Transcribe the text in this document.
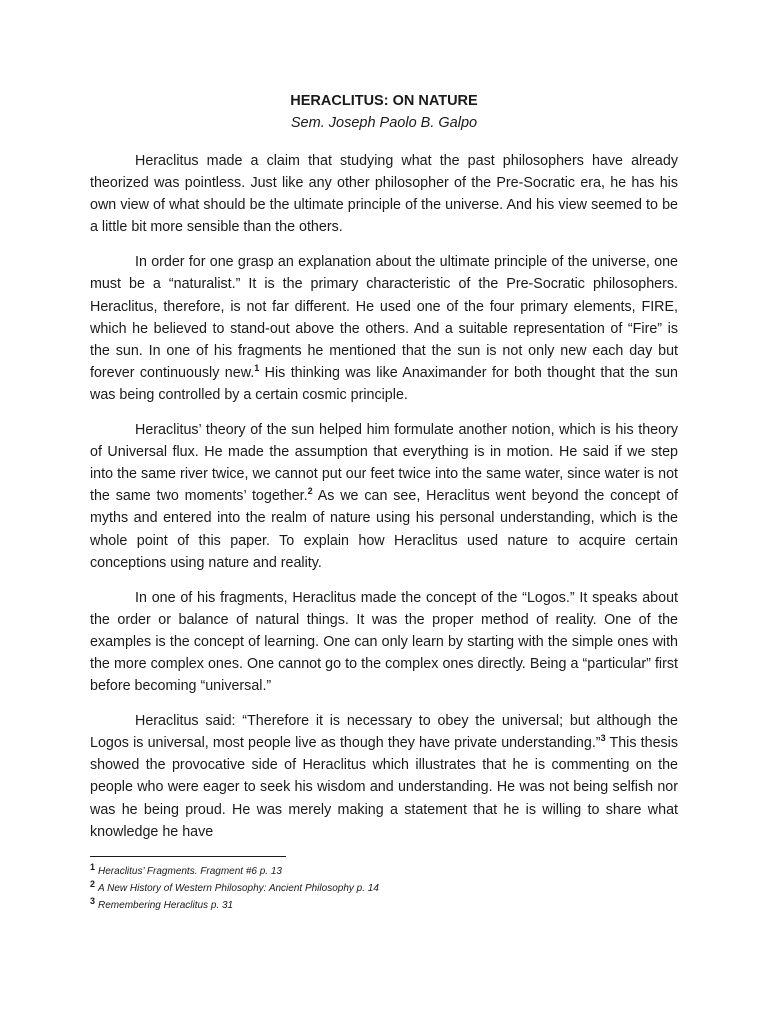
HERACLITUS: ON NATURE

Sem. Joseph Paolo B. Galpo

Heraclitus made a claim that studying what the past philosophers have already theorized was pointless. Just like any other philosopher of the Pre-Socratic era, he has his own view of what should be the ultimate principle of the universe. And his view seemed to be a little bit more sensible than the others.

In order for one grasp an explanation about the ultimate principle of the universe, one must be a “naturalist.” It is the primary characteristic of the Pre-Socratic philosophers. Heraclitus, therefore, is not far different. He used one of the four primary elements, FIRE, which he believed to stand-out above the others. And a suitable representation of “Fire” is the sun. In one of his fragments he mentioned that the sun is not only new each day but forever continuously new.$^1$ His thinking was like Anaximander for both thought that the sun was being controlled by a certain cosmic principle.

Heraclitus’ theory of the sun helped him formulate another notion, which is his theory of Universal flux. He made the assumption that everything is in motion. He said if we step into the same river twice, we cannot put our feet twice into the same water, since water is not the same two moments’ together.$^2$ As we can see, Heraclitus went beyond the concept of myths and entered into the realm of nature using his personal understanding, which is the whole point of this paper. To explain how Heraclitus used nature to acquire certain conceptions using nature and reality.

In one of his fragments, Heraclitus made the concept of the “Logos.” It speaks about the order or balance of natural things. It was the proper method of reality. One of the examples is the concept of learning. One can only learn by starting with the simple ones with the more complex ones. One cannot go to the complex ones directly. Being a “particular” first before becoming “universal.”

Heraclitus said: “Therefore it is necessary to obey the universal; but although the Logos is universal, most people live as though they have private understanding.”$^3$ This thesis showed the provocative side of Heraclitus which illustrates that he is commenting on the people who were eager to seek his wisdom and understanding. He was not being selfish nor was he being proud. He was merely making a statement that he is willing to share what knowledge he have

1 Heraclitus’ Fragments. Fragment #6 p. 13

2 A New History of Western Philosophy: Ancient Philosophy p. 14

3 Remembering Heraclitus p. 31
